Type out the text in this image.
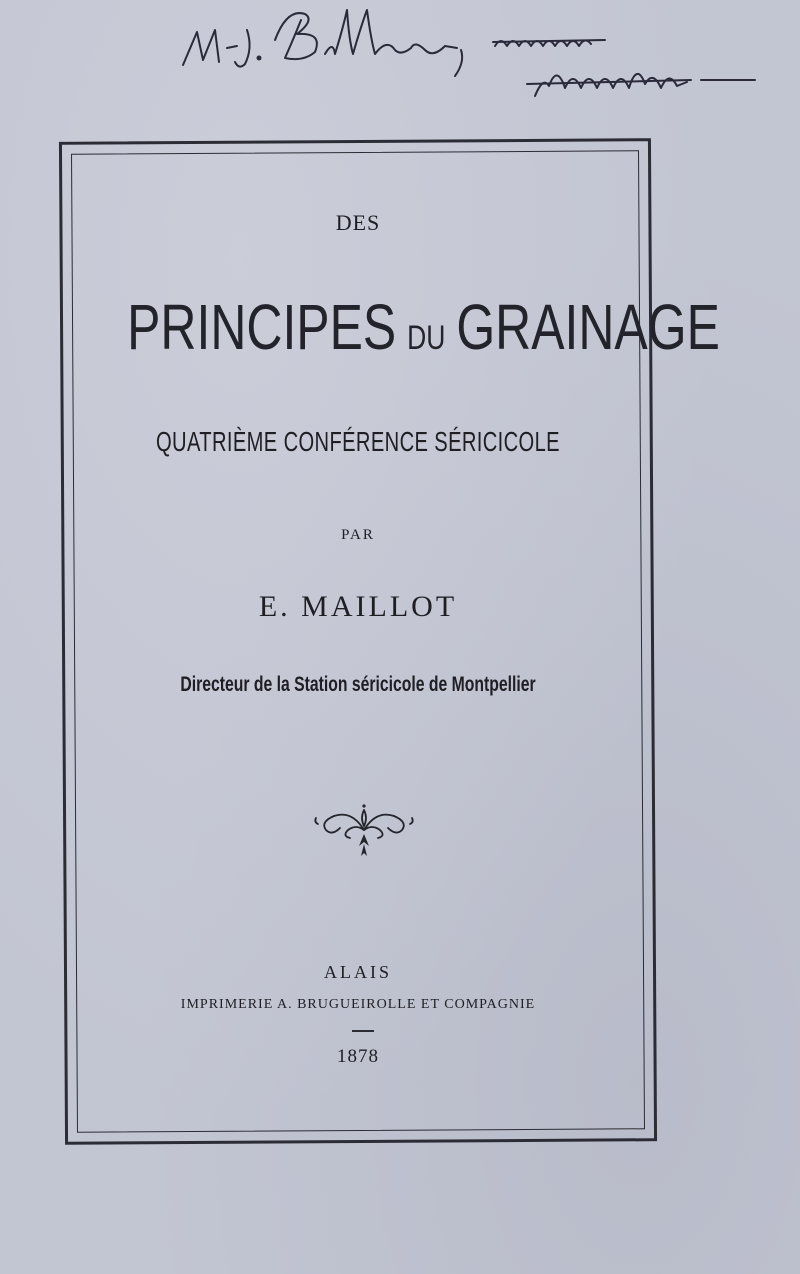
DES
PRINCIPES DU GRAINAGE
QUATRIÈME CONFÉRENCE SÉRICICOLE
PAR
E. MAILLOT
Directeur de la Station séricicole de Montpellier
ALAIS
IMPRIMERIE A. BRUGUEIROLLE ET COMPAGNIE
1878
